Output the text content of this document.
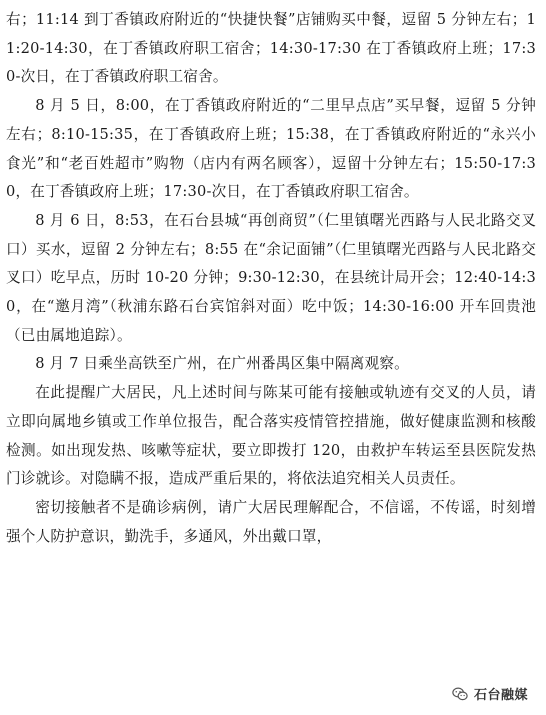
右；11:14 到丁香镇政府附近的“快捷快餐”店铺购买中餐，逗留 5 分钟左右；11:20-14:30，在丁香镇政府职工宿舍；14:30-17:30 在丁香镇政府上班；17:30-次日，在丁香镇政府职工宿舍。

8 月 5 日，8:00，在丁香镇政府附近的“二里早点店”买早餐，逗留 5 分钟左右；8:10-15:35，在丁香镇政府上班；15:38，在丁香镇政府附近的“永兴小食光”和“老百姓超市”购物（店内有两名顾客），逗留十分钟左右；15:50-17:30，在丁香镇政府上班；17:30-次日，在丁香镇政府职工宿舍。

8 月 6 日，8:53，在石台县城“再创商贸”（仁里镇曙光西路与人民北路交叉口）买水，逗留 2 分钟左右；8:55 在“余记面铺”（仁里镇曙光西路与人民北路交叉口）吃早点，历时 10-20 分钟；9:30-12:30，在县统计局开会；12:40-14:30，在“邀月湾”（秋浦东路石台宾馆斜对面）吃中饭；14:30-16:00 开车回贵池（已由属地追踪）。

8 月 7 日乘坐高铁至广州，在广州番禺区集中隔离观察。

在此提醒广大居民，凡上述时间与陈某可能有接触或轨迹有交叉的人员，请立即向属地乡镇或工作单位报告，配合落实疫情管控措施，做好健康监测和核酸检测。如出现发热、咳嗽等症状，要立即拨打 120，由救护车转运至县医院发热门诊就诊。对隐瞒不报，造成严重后果的，将依法追究相关人员责任。

密切接触者不是确诊病例，请广大居民理解配合，不信谣，不传谣，时刻增强个人防护意识，勤洗手，多通风，外出戴口罩，

石台融媒
